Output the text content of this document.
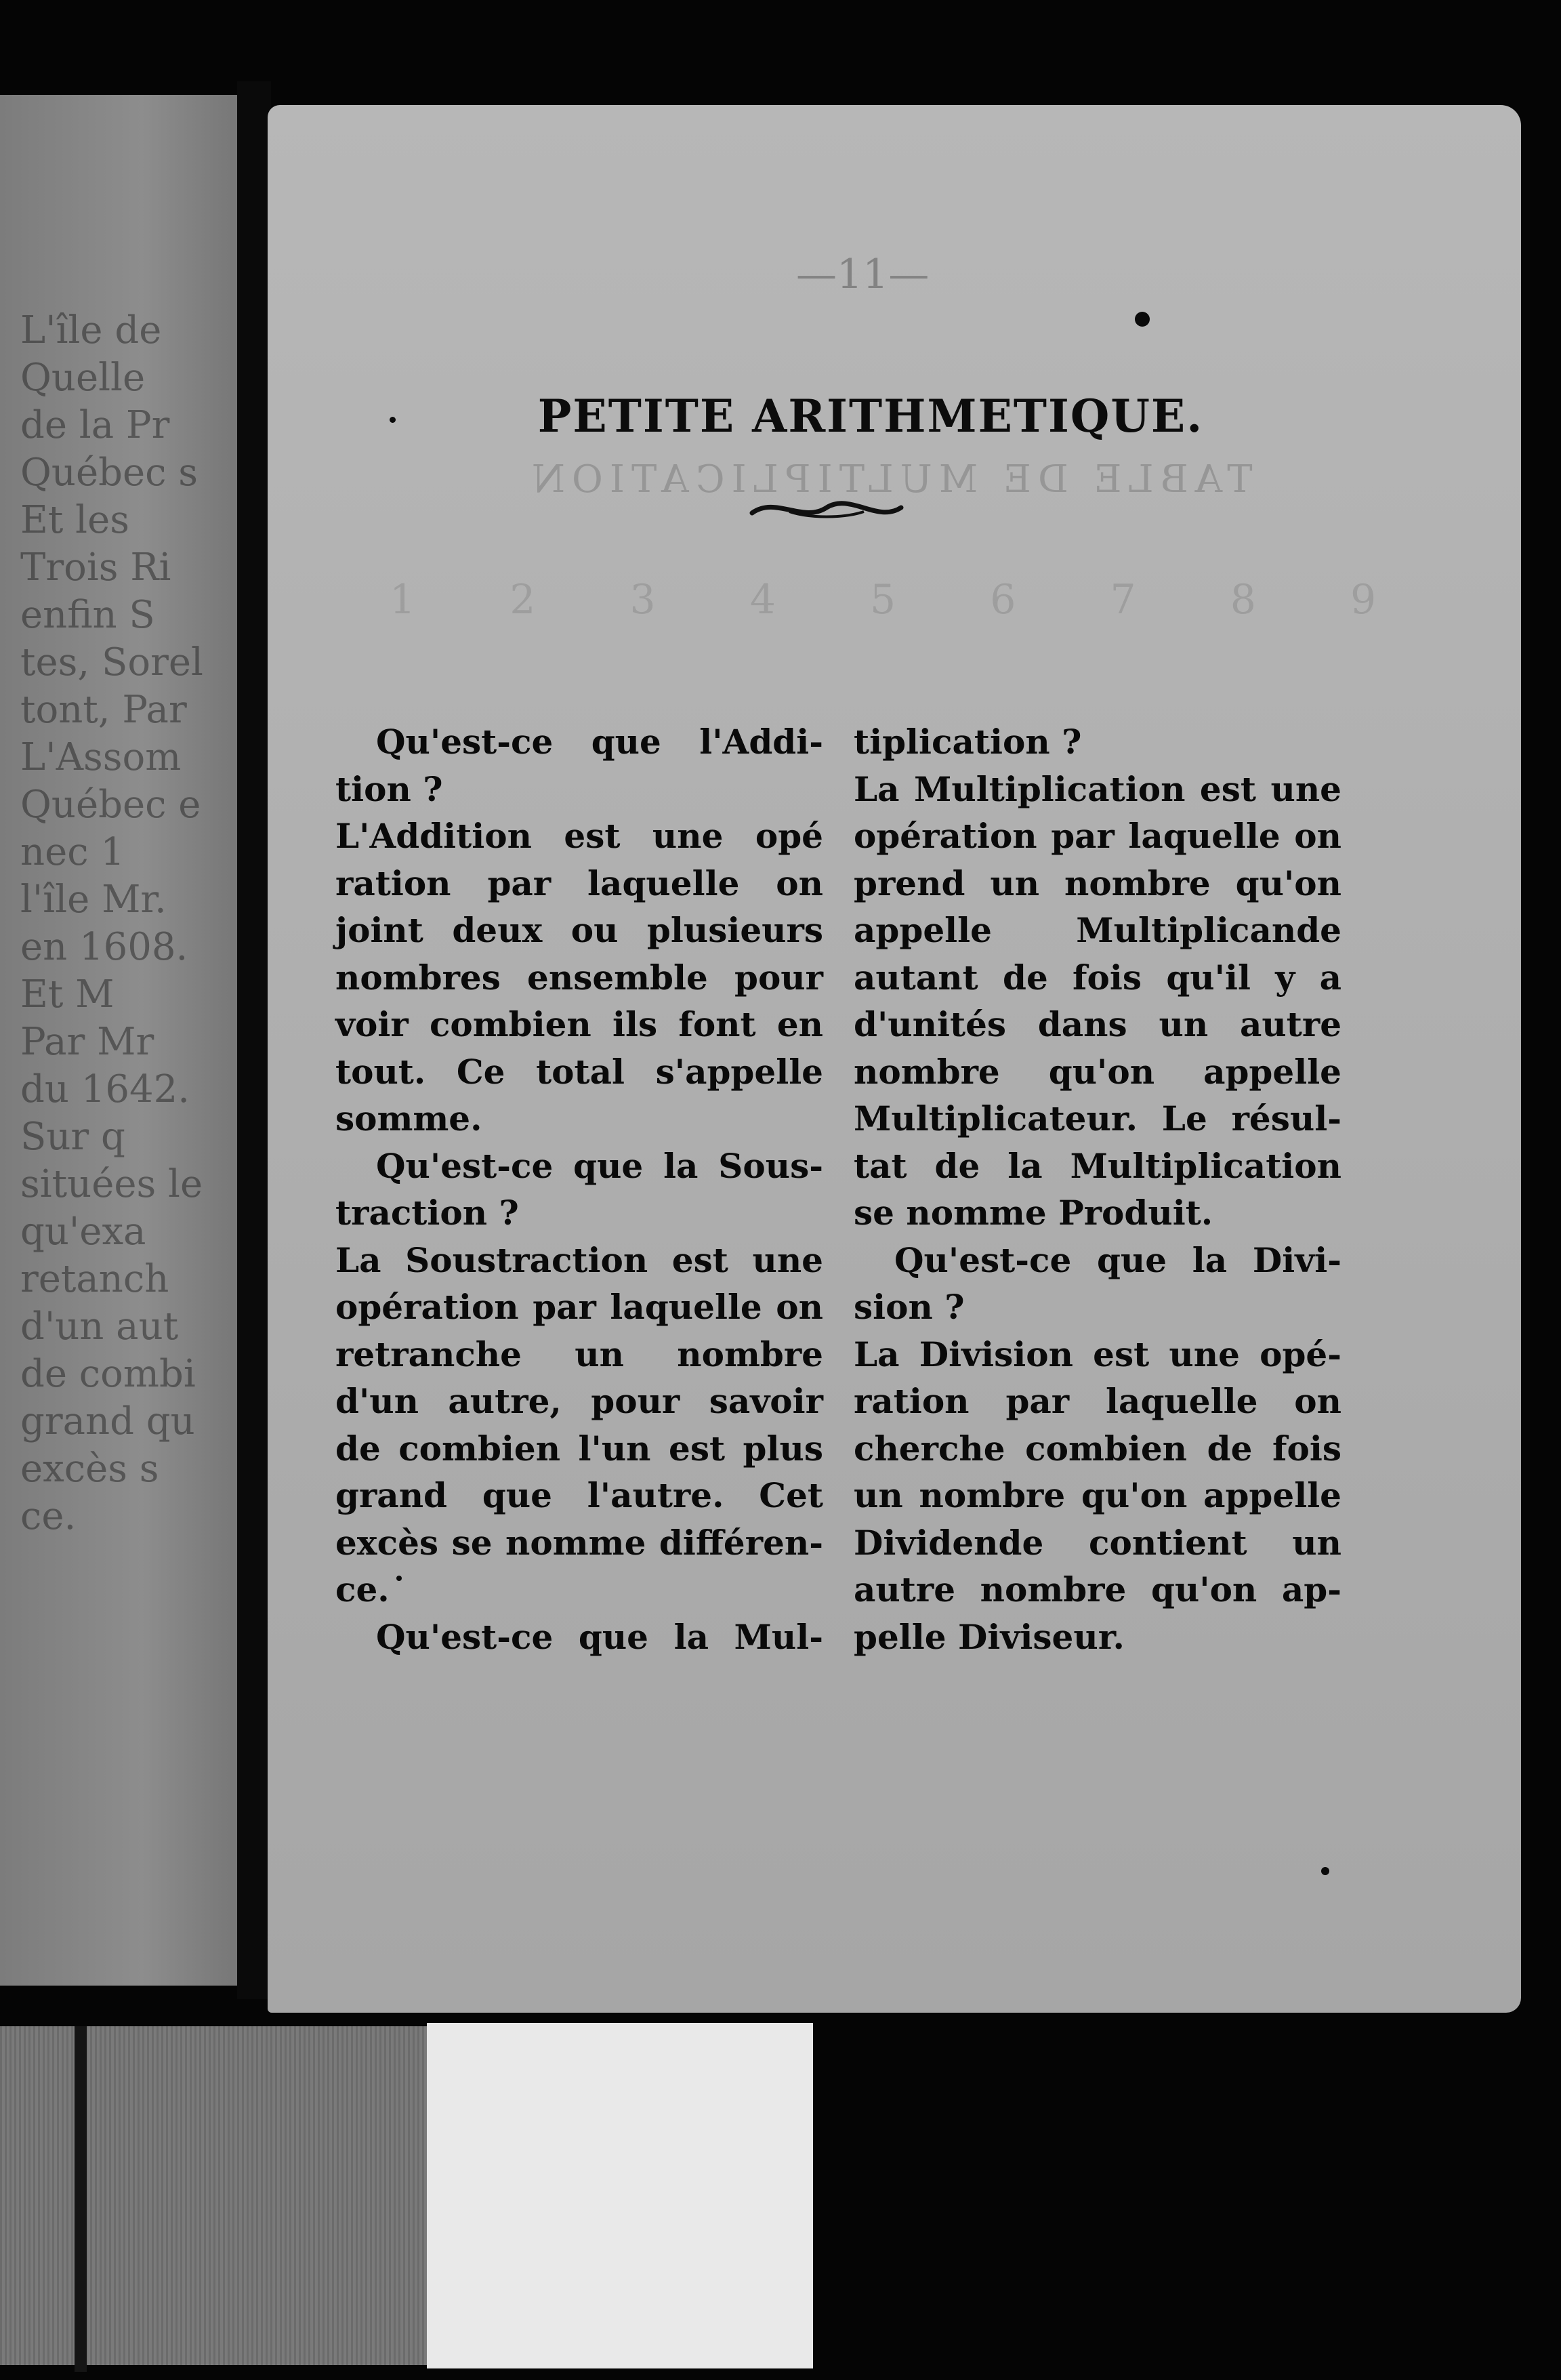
L'île de
Quelle
de la Pr
Québec s
Et les
Trois Ri
enfin S
tes, Sorel
tont, Par
L'Assom
Québec e
nec 1
l'île Mr.
en 1608.
Et M
Par Mr
du 1642.
Sur q
situées le
qu'exa
retanch
d'un aut
de combi
grand qu
excès s
ce.
—11—
TABLE DE MULTIPLICATION
1 2 3 4 5 6 7 8 9
PETITE ARITHMETIQUE.
Qu'est-ce que l'Addi-
tion ?
L'Addition est une opé
ration par laquelle on
joint deux ou plusieurs
nombres ensemble pour
voir combien ils font en
tout. Ce total s'appelle
somme.
Qu'est-ce que la Sous-
traction ?
La Soustraction est une
opération par laquelle on
retranche un nombre
d'un autre, pour savoir
de combien l'un est plus
grand que l'autre. Cet
excès se nomme différen-
ce.
Qu'est-ce que la Mul-
tiplication ?
La Multiplication est une
opération par laquelle on
prend un nombre qu'on
appelle Multiplicande
autant de fois qu'il y a
d'unités dans un autre
nombre qu'on appelle
Multiplicateur. Le résul-
tat de la Multiplication
se nomme Produit.
Qu'est-ce que la Divi-
sion ?
La Division est une opé-
ration par laquelle on
cherche combien de fois
un nombre qu'on appelle
Dividende contient un
autre nombre qu'on ap-
pelle Diviseur.
